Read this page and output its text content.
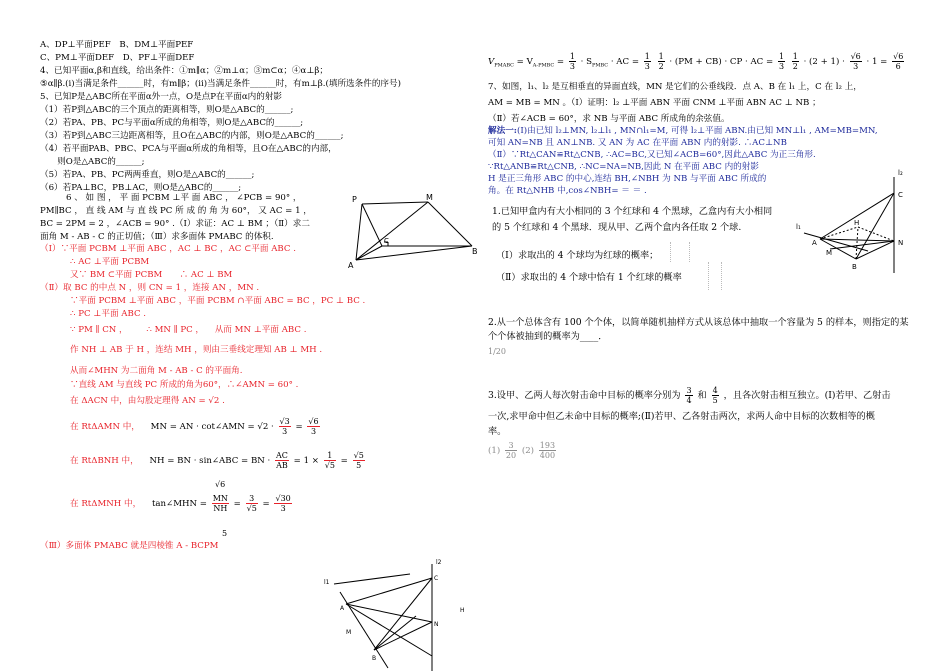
A、DP⊥平面PEF　B、DM⊥平面PEF
C、PM⊥平面DEF　D、PF⊥平面DEF
4、已知平面α,β和直线，给出条件：①m∥α；②m⊥α；③m⊂α；④α⊥β；
⑤α∥β.(ⅰ)当满足条件______时，有m∥β；(ⅱ)当满足条件______时，有m⊥β.(填所选条件的序号)
5、已知P是△ABC所在平面α外一点，O是点P在平面α内的射影
（1）若P到△ABC的三个顶点的距离相等，则O是△ABC的______;
（2）若PA、PB、PC与平面α所成的角相等，则O是△ABC的______;
（3）若P到△ABC三边距离相等，且O在△ABC的内部，则O是△ABC的______;
（4）若平面PAB、PBC、PCA与平面α所成的角相等，且O在△ABC的内部，
　　则O是△ABC的______;
（5）若PA、PB、PC两两垂直，则O是△ABC的______;
（6）若PA⊥BC，PB⊥AC，则O是△ABC的______;
6 、 如 图 ， 平 面 PCBM ⊥平 面 ABC ， ∠PCB = 90° ，
PM∥BC ， 直 线 AM 与 直 线 PC 所 成 的 角 为 60°， 又 AC = 1 ，
BC = 2PM = 2 ，∠ACB = 90° .（Ⅰ）求证：AC ⊥ BM ；（Ⅱ）求二
面角 M - AB - C 的正切值；（Ⅲ）求多面体 PMABC 的体积.
P	M
C
B
A
（Ⅰ）∵平面 PCBM ⊥平面 ABC ，AC ⊥ BC ，AC ⊂平面 ABC .
∴ AC ⊥平面 PCBM
又∵ BM ⊂平面 PCBM　　∴ AC ⊥ BM
（Ⅱ）取 BC 的中点 N ，则 CN = 1 ，连接 AN ，MN .
∵平面 PCBM ⊥平面 ABC ，平面 PCBM ∩平面 ABC = BC ，PC ⊥ BC .
∴ PC ⊥平面 ABC .
∵ PM ∥ CN ， ∴ MN ∥ PC ， 从而 MN ⊥平面 ABC .
作 NH ⊥ AB 于 H ，连结 MH ，则由三垂线定理知 AB ⊥ MH .
从而∠MHN 为二面角 M - AB - C 的平面角.
∵直线 AM 与直线 PC 所成的角为60°，∴∠AMN = 60° .
在 ΔACN 中，由勾股定理得 AN = √2 .
在 RtΔAMN 中， MN = AN · cot∠AMN = $√2 \cdot \frac{√3}{3} = \frac{√6}{3}$
在 RtΔBNH 中， NH = BN · sin∠ABC = BN · $\frac{AC}{AB} = 1 \times \frac{1}{√5} = \frac{√5}{5}$
√6
在 RtΔMNH 中， tan∠MHN = $\frac{MN}{NH} = \frac{3}{√5} = \frac{√30}{3}$
5
（Ⅲ）多面体 PMABC 就是四棱锥 A - BCPM
l2
l1
C
A
M
N
B
H
$V_{PMABC} = V_{A-PMBC} = \frac{1}{3} \cdot S_{PMBC}$ · AC = $\frac{1}{3}$
$\frac{1}{2} \cdot (PM + CB)$ · CP · AC = $\frac{1}{3}$
$\frac{1}{2} \cdot (2 + 1) \cdot \frac{√6}{3} \cdot 1 = \frac{√6}{6}$
7、如图，l₁、l₂ 是互相垂直的异面直线，MN 是它们的公垂线段．点 A、B 在 l₁ 上，C 在 l₂ 上，
AM = MB = MN 。（Ⅰ）证明：l₂ ⊥平面 ABN 平面 CNM ⊥平面 ABN AC ⊥ NB ；
（Ⅱ）若∠ACB = 60°，求 NB 与平面 ABC 所成角的余弦值。
解法一:(Ⅰ)由已知 l₂⊥MN, l₂⊥l₁ , MN∩l₁=M, 可得 l₂⊥平面 ABN.由已知 MN⊥l₁ , AM=MB=MN,
可知 AN=NB 且 AN⊥NB. 又 AN 为 AC 在平面 ABN 内的射影. ∴AC⊥NB
（Ⅱ）∵Rt△CAN≌Rt△CNB, ∴AC=BC,又已知∠ACB=60°,因此△ABC 为正三角形.
∵Rt△ANB≌Rt△CNB, ∴NC=NA=NB,因此 N 在平面 ABC 内的射影
H 是正三角形 ABC 的中心,连结 BH,∠NBH 为 NB 与平面 ABC 所成的
角。在 Rt△NHB 中,cos∠NBH= ＝ ＝ .
l₂
l₁
C
A
H
N
M
B
1.已知甲盒内有大小相同的 3 个红球和 4 个黑球，乙盒内有大小相同
的 5 个红球和 4 个黑球．现从甲、乙两个盒内各任取 2 个球.
（Ⅰ）求取出的 4 个球均为红球的概率；
（Ⅱ）求取出的 4 个球中恰有 1 个红球的概率
2.从一个总体含有 100 个个体，以简单随机抽样方式从该总体中抽取一个容量为 5 的样本，则指定的某
个个体被抽到的概率为____．
1/20
3.设甲、乙两人每次射击命中目标的概率分别为 $\frac{3}{4}$ 和 $\frac{4}{5}$ ，且各次射击相互独立。(Ⅰ)若甲、乙射击
一次,求甲命中但乙未命中目标的概率;(Ⅱ)若甲、乙各射击两次，求两人命中目标的次数相等的概
率。
$(1) \frac{3}{20} (2) \frac{193}{400}$
